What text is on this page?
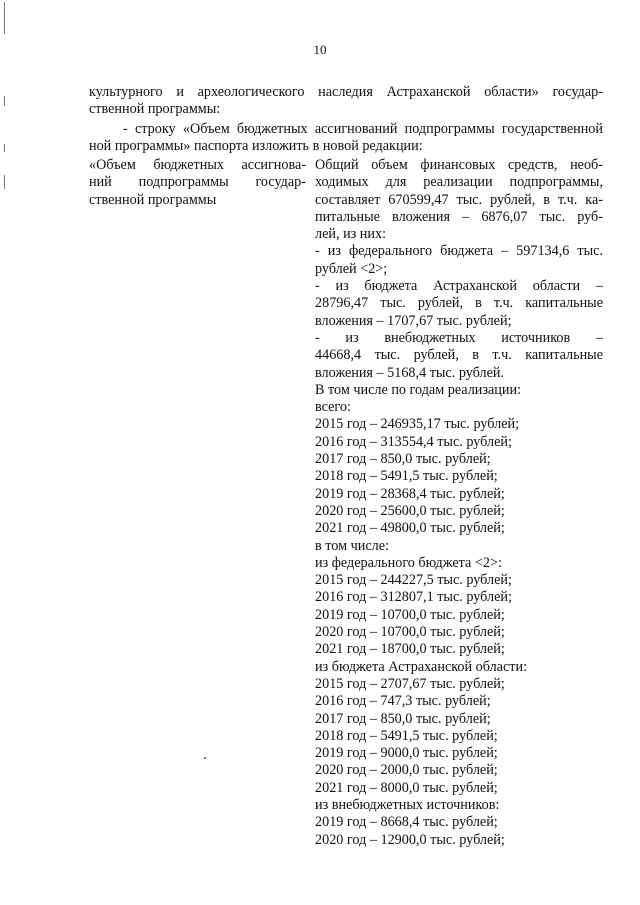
10
культурного и археологического наследия Астраханской области» государ-
ственной программы:
- строку «Объем бюджетных ассигнований подпрограммы государственной
ной программы» паспорта изложить в новой редакции:
«Объем бюджетных ассигнова-
ний подпрограммы государ-
ственной программы
Общий объем финансовых средств, необ-
ходимых для реализации подпрограммы,
составляет 670599,47 тыс. рублей, в т.ч. ка-
питальные вложения – 6876,07 тыс. руб-
лей, из них:
- из федерального бюджета – 597134,6 тыс.
рублей <2>;
- из бюджета Астраханской области –
28796,47 тыс. рублей, в т.ч. капитальные
вложения – 1707,67 тыс. рублей;
- из внебюджетных источников –
44668,4 тыс. рублей, в т.ч. капитальные
вложения – 5168,4 тыс. рублей.
В том числе по годам реализации:
всего:
2015 год – 246935,17 тыс. рублей;
2016 год – 313554,4 тыс. рублей;
2017 год – 850,0 тыс. рублей;
2018 год – 5491,5 тыс. рублей;
2019 год – 28368,4 тыс. рублей;
2020 год – 25600,0 тыс. рублей;
2021 год – 49800,0 тыс. рублей;
в том числе:
из федерального бюджета <2>:
2015 год – 244227,5 тыс. рублей;
2016 год – 312807,1 тыс. рублей;
2019 год – 10700,0 тыс. рублей;
2020 год – 10700,0 тыс. рублей;
2021 год – 18700,0 тыс. рублей;
из бюджета Астраханской области:
2015 год – 2707,67 тыс. рублей;
2016 год – 747,3 тыс. рублей;
2017 год – 850,0 тыс. рублей;
2018 год – 5491,5 тыс. рублей;
2019 год – 9000,0 тыс. рублей;
2020 год – 2000,0 тыс. рублей;
2021 год – 8000,0 тыс. рублей;
из внебюджетных источников:
2019 год – 8668,4 тыс. рублей;
2020 год – 12900,0 тыс. рублей;
